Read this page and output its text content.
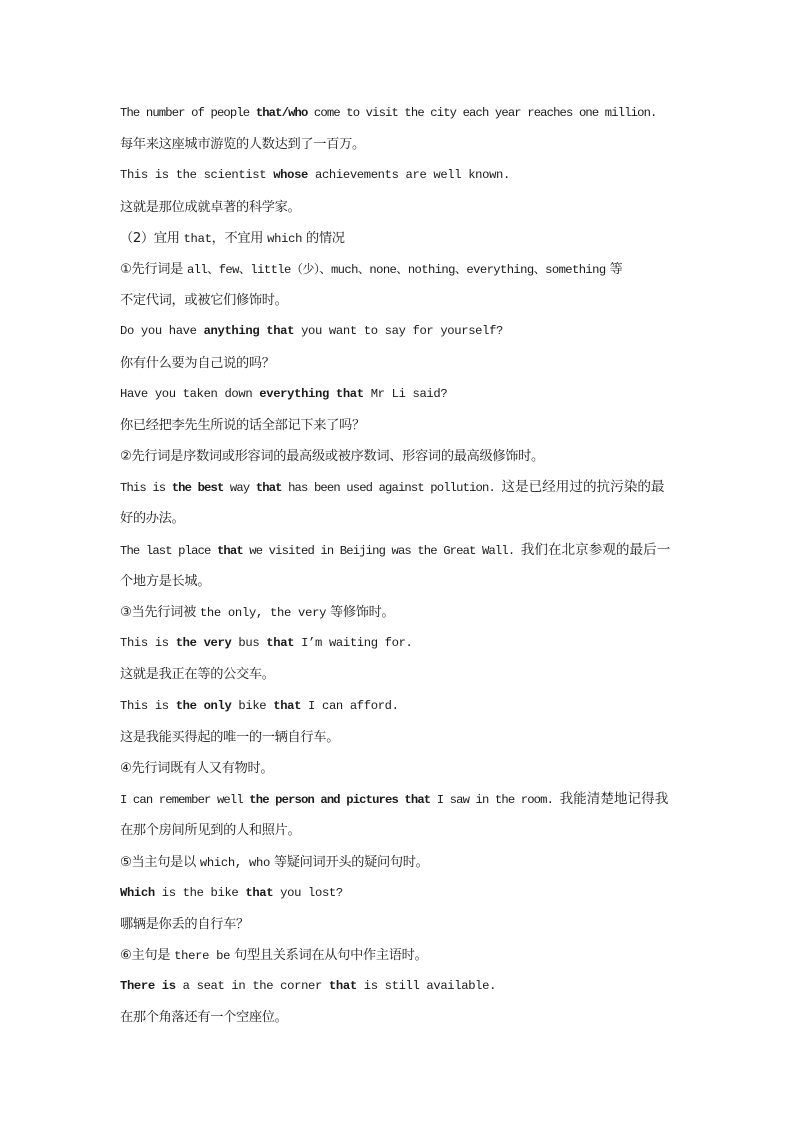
The number of people that/who come to visit the city each year reaches one million.
每年来这座城市游览的人数达到了一百万。
This is the scientist whose achievements are well known.
这就是那位成就卓著的科学家。
（2）宜用 that，不宜用 which 的情况
①先行词是 all、few、little（少）、much、none、nothing、everything、something 等
不定代词，或被它们修饰时。
Do you have anything that you want to say for yourself?
你有什么要为自己说的吗？
Have you taken down everything that Mr Li said?
你已经把李先生所说的话全部记下来了吗？
②先行词是序数词或形容词的最高级或被序数词、形容词的最高级修饰时。
This is the best way that has been used against pollution. 这是已经用过的抗污染的最
好的办法。
The last place that we visited in Beijing was the Great Wall. 我们在北京参观的最后一
个地方是长城。
③当先行词被 the only, the very 等修饰时。
This is the very bus that I’m waiting for.
这就是我正在等的公交车。
This is the only bike that I can afford.
这是我能买得起的唯一的一辆自行车。
④先行词既有人又有物时。
I can remember well the person and pictures that I saw in the room. 我能清楚地记得我
在那个房间所见到的人和照片。
⑤当主句是以 which, who 等疑问词开头的疑问句时。
Which is the bike that you lost?
哪辆是你丢的自行车？
⑥主句是 there be 句型且关系词在从句中作主语时。
There is a seat in the corner that is still available.
在那个角落还有一个空座位。
